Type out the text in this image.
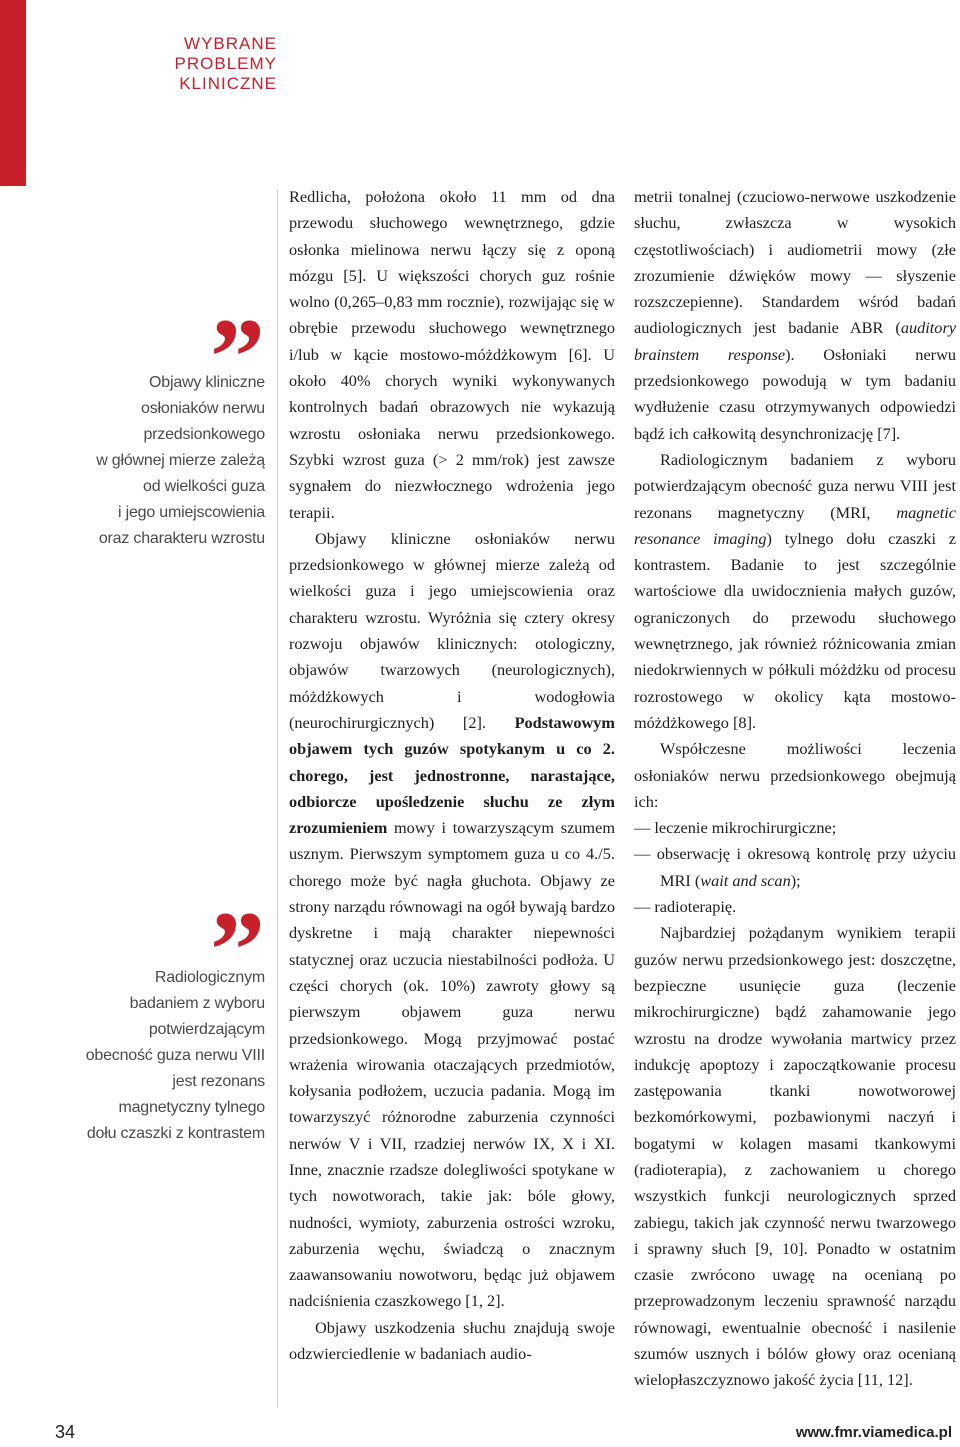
WYBRANE
PROBLEMY
KLINICZNE
Objawy kliniczne
osłoniaków nerwu
przedsionkowego
w głównej mierze zależą
od wielkości guza
i jego umiejscowienia
oraz charakteru wzrostu
Radiologicznym
badaniem z wyboru
potwierdzającym
obecność guza nerwu VIII
jest rezonans
magnetyczny tylnego
dołu czaszki z kontrastem

Redlicha, położona około 11 mm od dna przewodu słuchowego wewnętrznego, gdzie osłonka mielinowa nerwu łączy się z oponą mózgu [5]. U większości chorych guz rośnie wolno (0,265–0,83 mm rocznie), rozwijając się w obrębie przewodu słuchowego wewnętrznego i/lub w kącie mostowo-móżdżkowym [6]. U około 40% chorych wyniki wykonywanych kontrolnych badań obrazowych nie wykazują wzrostu osłoniaka nerwu przedsionkowego. Szybki wzrost guza (> 2 mm/rok) jest zawsze sygnałem do niezwłocznego wdrożenia jego terapii.

Objawy kliniczne osłoniaków nerwu przedsionkowego w głównej mierze zależą od wielkości guza i jego umiejscowienia oraz charakteru wzrostu. Wyróżnia się cztery okresy rozwoju objawów klinicznych: otologiczny, objawów twarzowych (neurologicznych), móżdżkowych i wodogłowia (neurochirurgicznych) [2]. Podstawowym objawem tych guzów spotykanym u co 2. chorego, jest jednostronne, narastające, odbiorcze upośledzenie słuchu ze złym zrozumieniem mowy i towarzyszącym szumem usznym. Pierwszym symptomem guza u co 4./5. chorego może być nagła głuchota. Objawy ze strony narządu równowagi na ogół bywają bardzo dyskretne i mają charakter niepewności statycznej oraz uczucia niestabilności podłoża. U części chorych (ok. 10%) zawroty głowy są pierwszym objawem guza nerwu przedsionkowego. Mogą przyjmować postać wrażenia wirowania otaczających przedmiotów, kołysania podłożem, uczucia padania. Mogą im towarzyszyć różnorodne zaburzenia czynności nerwów V i VII, rzadziej nerwów IX, X i XI. Inne, znacznie rzadsze dolegliwości spotykane w tych nowotworach, takie jak: bóle głowy, nudności, wymioty, zaburzenia ostrości wzroku, zaburzenia węchu, świadczą o znacznym zaawansowaniu nowotworu, będąc już objawem nadciśnienia czaszkowego [1, 2].

Objawy uszkodzenia słuchu znajdują swoje odzwierciedlenie w badaniach audio-

metrii tonalnej (czuciowo-nerwowe uszkodzenie słuchu, zwłaszcza w wysokich częstotliwościach) i audiometrii mowy (złe zrozumienie dźwięków mowy — słyszenie rozszczepienne). Standardem wśród badań audiologicznych jest badanie ABR (auditory brainstem response). Osłoniaki nerwu przedsionkowego powodują w tym badaniu wydłużenie czasu otrzymywanych odpowiedzi bądź ich całkowitą desynchronizację [7].

Radiologicznym badaniem z wyboru potwierdzającym obecność guza nerwu VIII jest rezonans magnetyczny (MRI, magnetic resonance imaging) tylnego dołu czaszki z kontrastem. Badanie to jest szczególnie wartościowe dla uwidocznienia małych guzów, ograniczonych do przewodu słuchowego wewnętrznego, jak również różnicowania zmian niedokrwiennych w półkuli móżdżku od procesu rozrostowego w okolicy kąta mostowo-móżdżkowego [8].

Współczesne możliwości leczenia osłoniaków nerwu przedsionkowego obejmują ich:

— leczenie mikrochirurgiczne;

— obserwację i okresową kontrolę przy użyciu MRI (wait and scan);

— radioterapię.

Najbardziej pożądanym wynikiem terapii guzów nerwu przedsionkowego jest: doszczętne, bezpieczne usunięcie guza (leczenie mikrochirurgiczne) bądź zahamowanie jego wzrostu na drodze wywołania martwicy przez indukcję apoptozy i zapoczątkowanie procesu zastępowania tkanki nowotworowej bezkomórkowymi, pozbawionymi naczyń i bogatymi w kolagen masami tkankowymi (radioterapia), z zachowaniem u chorego wszystkich funkcji neurologicznych sprzed zabiegu, takich jak czynność nerwu twarzowego i sprawny słuch [9, 10]. Ponadto w ostatnim czasie zwrócono uwagę na ocenianą po przeprowadzonym leczeniu sprawność narządu równowagi, ewentualnie obecność i nasilenie szumów usznych i bólów głowy oraz ocenianą wielopłaszczyznowo jakość życia [11, 12].

34	www.fmr.viamedica.pl
